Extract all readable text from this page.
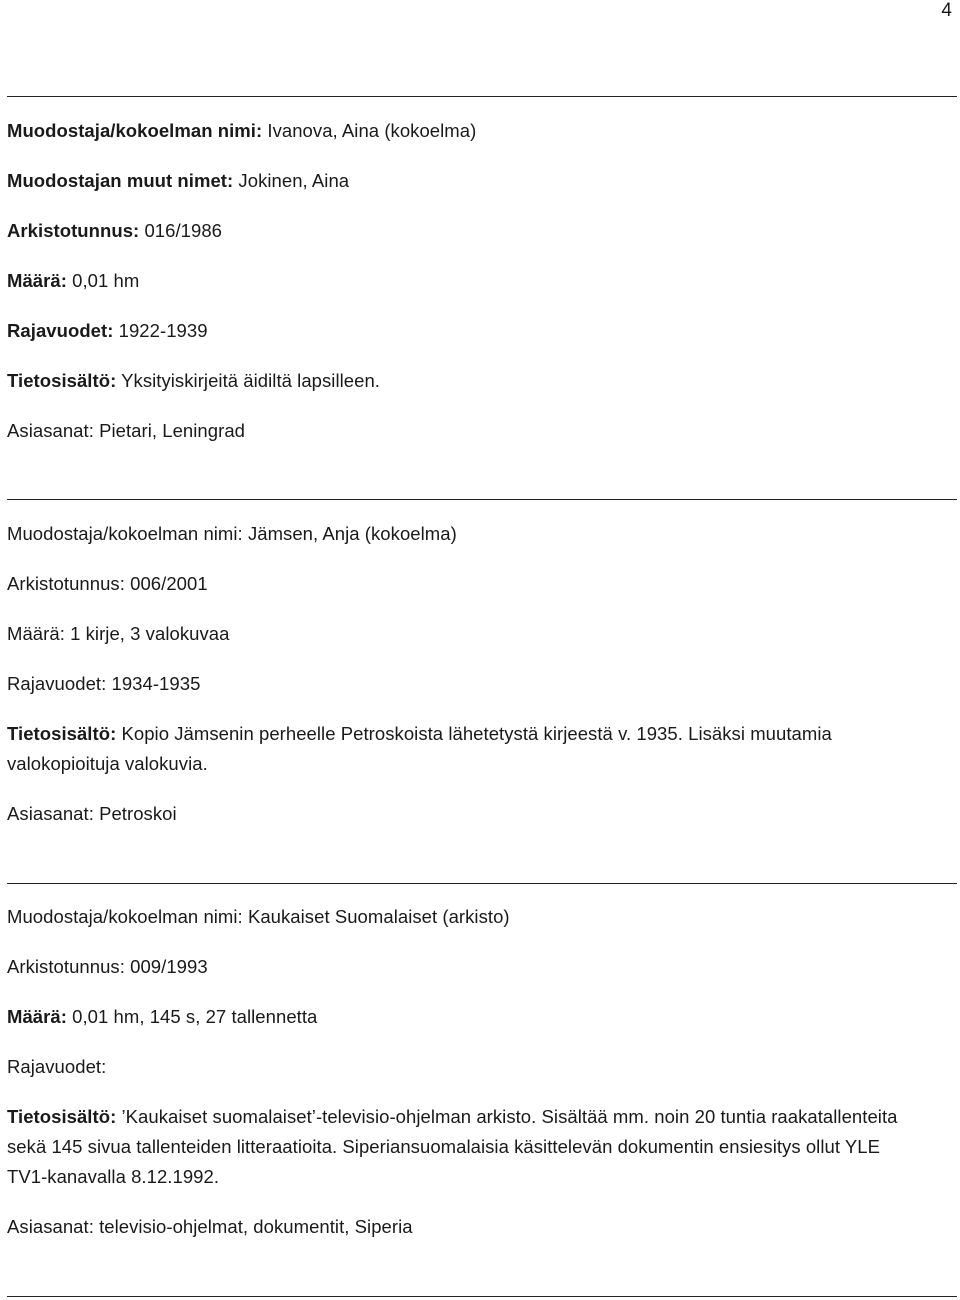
4
Muodostaja/kokoelman nimi: Ivanova, Aina (kokoelma)
Muodostajan muut nimet: Jokinen, Aina
Arkistotunnus: 016/1986
Määrä: 0,01 hm
Rajavuodet: 1922-1939
Tietosisältö: Yksityiskirjeitä äidiltä lapsilleen.
Asiasanat: Pietari, Leningrad
Muodostaja/kokoelman nimi: Jämsen, Anja (kokoelma)
Arkistotunnus: 006/2001
Määrä: 1 kirje, 3 valokuvaa
Rajavuodet: 1934-1935
Tietosisältö: Kopio Jämsenin perheelle Petroskoista lähetetystä kirjeestä v. 1935. Lisäksi muutamia valokopioituja valokuvia.
Asiasanat: Petroskoi
Muodostaja/kokoelman nimi: Kaukaiset Suomalaiset (arkisto)
Arkistotunnus: 009/1993
Määrä: 0,01 hm, 145 s, 27 tallennetta
Rajavuodet:
Tietosisältö: ’Kaukaiset suomalaiset’-televisio-ohjelman arkisto. Sisältää mm. noin 20 tuntia raakatallenteita sekä 145 sivua tallenteiden litteraatioita. Siperiansuomalaisia käsittelevän dokumentin ensiesitys ollut YLE TV1-kanavalla 8.12.1992.
Asiasanat: televisio-ohjelmat, dokumentit, Siperia
